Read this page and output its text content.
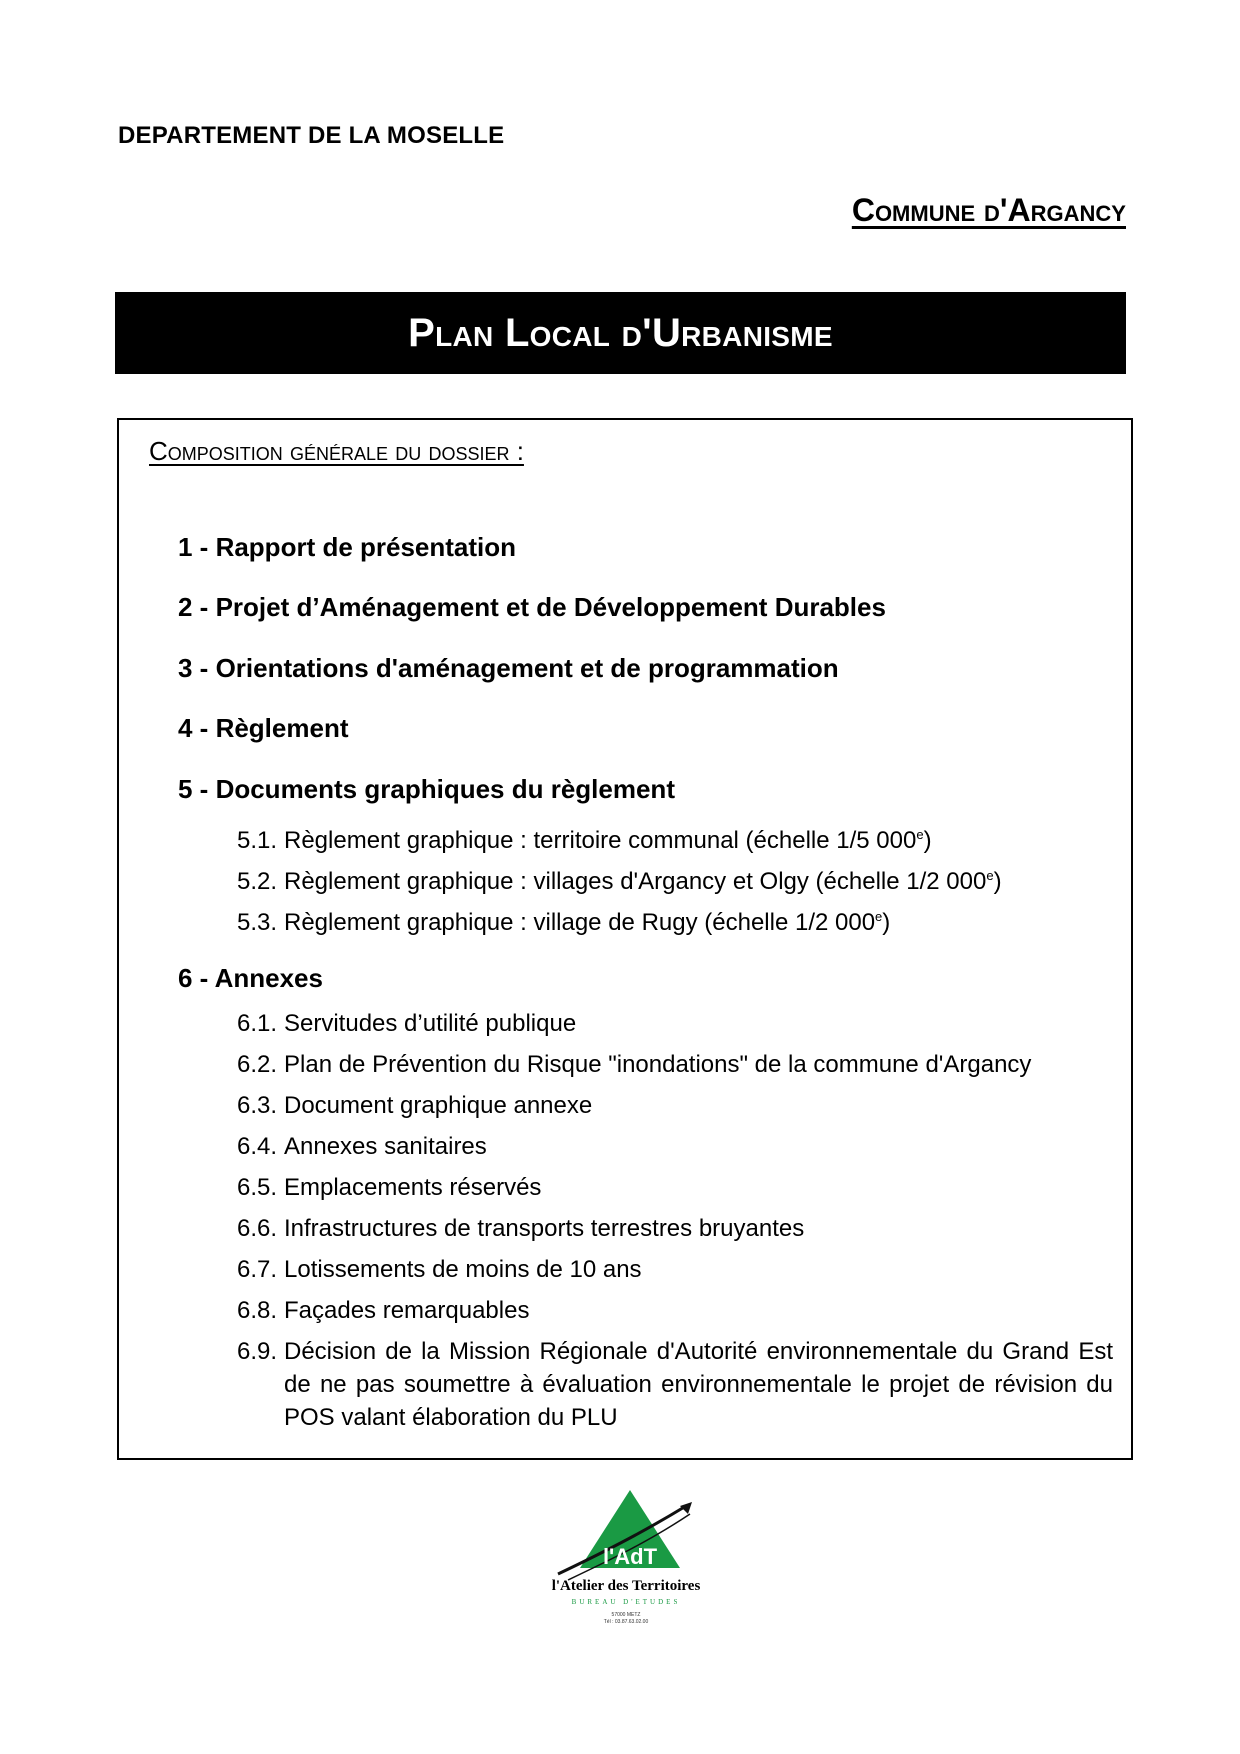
DEPARTEMENT DE LA MOSELLE
Commune d'Argancy
Plan Local d'Urbanisme
Composition générale du dossier :
1 - Rapport de présentation
2 - Projet d’Aménagement et de Développement Durables
3 - Orientations d'aménagement et de programmation
4 - Règlement
5 - Documents graphiques du règlement
5.1. Règlement graphique : territoire communal (échelle 1/5 000e)
5.2. Règlement graphique : villages d'Argancy et Olgy (échelle 1/2 000e)
5.3. Règlement graphique : village de Rugy (échelle 1/2 000e)
6 - Annexes
6.1. Servitudes d’utilité publique
6.2. Plan de Prévention du Risque "inondations" de la commune d'Argancy
6.3. Document graphique annexe
6.4. Annexes sanitaires
6.5. Emplacements réservés
6.6. Infrastructures de transports terrestres bruyantes
6.7. Lotissements de moins de 10 ans
6.8. Façades remarquables
6.9. Décision de la Mission Régionale d'Autorité environnementale du Grand Est de ne pas soumettre à évaluation environnementale le projet de révision du POS valant élaboration du PLU
l'AdT
l'Atelier des Territoires
BUREAU D'ETUDES
57000 METZ
Tél : 03.87.63.02.00
